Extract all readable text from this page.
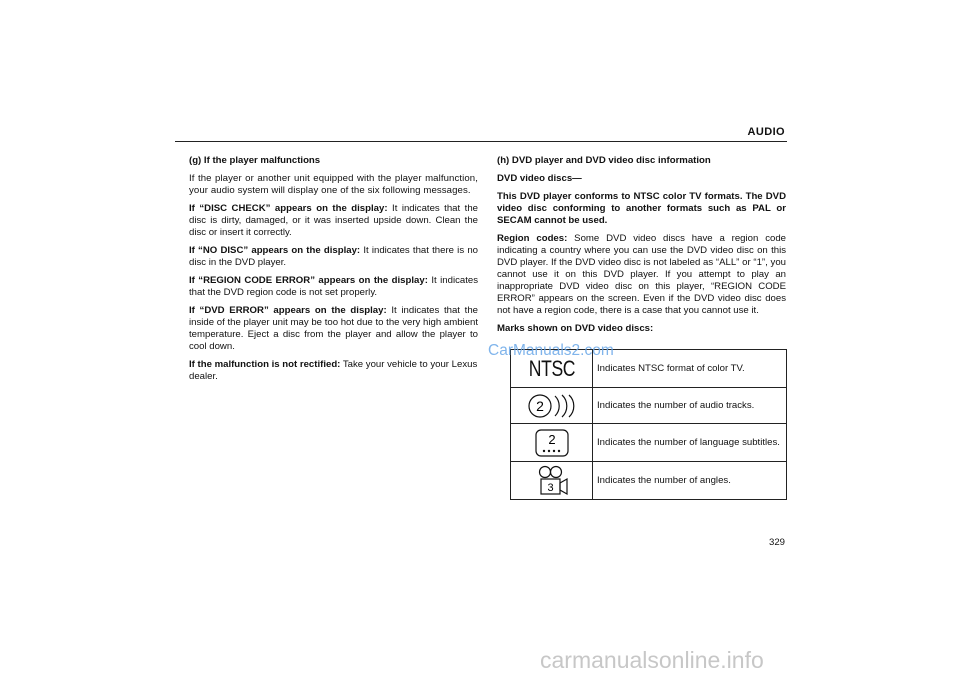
AUDIO

(g) If the player malfunctions

If the player or another unit equipped with the player malfunction, your audio system will display one of the six following messages.

If “DISC CHECK” appears on the display: It indicates that the disc is dirty, damaged, or it was inserted upside down. Clean the disc or insert it correctly.

If “NO DISC” appears on the display: It indicates that there is no disc in the DVD player.

If “REGION CODE ERROR” appears on the display: It indicates that the DVD region code is not set properly.

If “DVD ERROR” appears on the display: It indicates that the inside of the player unit may be too hot due to the very high ambient temperature. Eject a disc from the player and allow the player to cool down.

If the malfunction is not rectified: Take your vehicle to your Lexus dealer.

(h) DVD player and DVD video disc information

DVD video discs—

This DVD player conforms to NTSC color TV formats. The DVD video disc conforming to another formats such as PAL or SECAM cannot be used.

Region codes: Some DVD video discs have a region code indicating a country where you can use the DVD video disc on this DVD player. If the DVD video disc is not labeled as “ALL” or “1”, you cannot use it on this DVD player. If you attempt to play an inappropriate DVD video disc on this player, “REGION CODE ERROR” appears on the screen. Even if the DVD video disc does not have a region code, there is a case that you cannot use it.

Marks shown on DVD video discs:

NTSC Indicates NTSC format of color TV.
2	Indicates the number of audio tracks.
2	Indicates the number of language subtitles.
3
Indicates the number of angles.
CarManuals2.com
329
carmanualsonline.info
